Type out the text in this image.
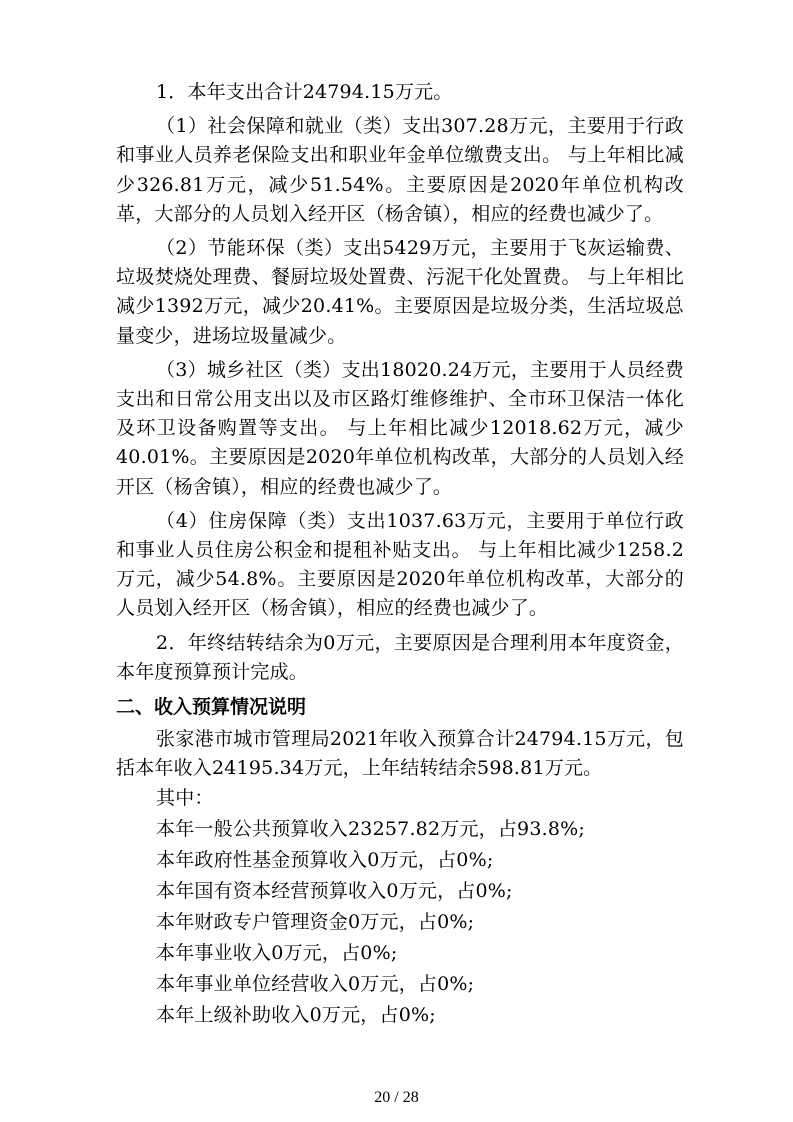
1．本年支出合计24794.15万元。

（1）社会保障和就业（类）支出307.28万元，主要用于行政和事业人员养老保险支出和职业年金单位缴费支出。 与上年相比减少326.81万元，减少51.54%。主要原因是2020年单位机构改革，大部分的人员划入经开区（杨舍镇），相应的经费也减少了。

（2）节能环保（类）支出5429万元，主要用于飞灰运输费、垃圾焚烧处理费、餐厨垃圾处置费、污泥干化处置费。 与上年相比减少1392万元，减少20.41%。主要原因是垃圾分类，生活垃圾总量变少，进场垃圾量减少。

（3）城乡社区（类）支出18020.24万元，主要用于人员经费支出和日常公用支出以及市区路灯维修维护、全市环卫保洁一体化及环卫设备购置等支出。 与上年相比减少12018.62万元，减少40.01%。主要原因是2020年单位机构改革，大部分的人员划入经开区（杨舍镇），相应的经费也减少了。

（4）住房保障（类）支出1037.63万元，主要用于单位行政和事业人员住房公积金和提租补贴支出。 与上年相比减少1258.2万元，减少54.8%。主要原因是2020年单位机构改革，大部分的人员划入经开区（杨舍镇），相应的经费也减少了。

2．年终结转结余为0万元，主要原因是合理利用本年度资金，本年度预算预计完成。

二、收入预算情况说明

张家港市城市管理局2021年收入预算合计24794.15万元，包括本年收入24195.34万元，上年结转结余598.81万元。

其中：
本年一般公共预算收入23257.82万元，占93.8%;
本年政府性基金预算收入0万元，占0%;
本年国有资本经营预算收入0万元，占0%;
本年财政专户管理资金0万元，占0%;
本年事业收入0万元，占0%;
本年事业单位经营收入0万元，占0%;
本年上级补助收入0万元，占0%;
20 / 28
